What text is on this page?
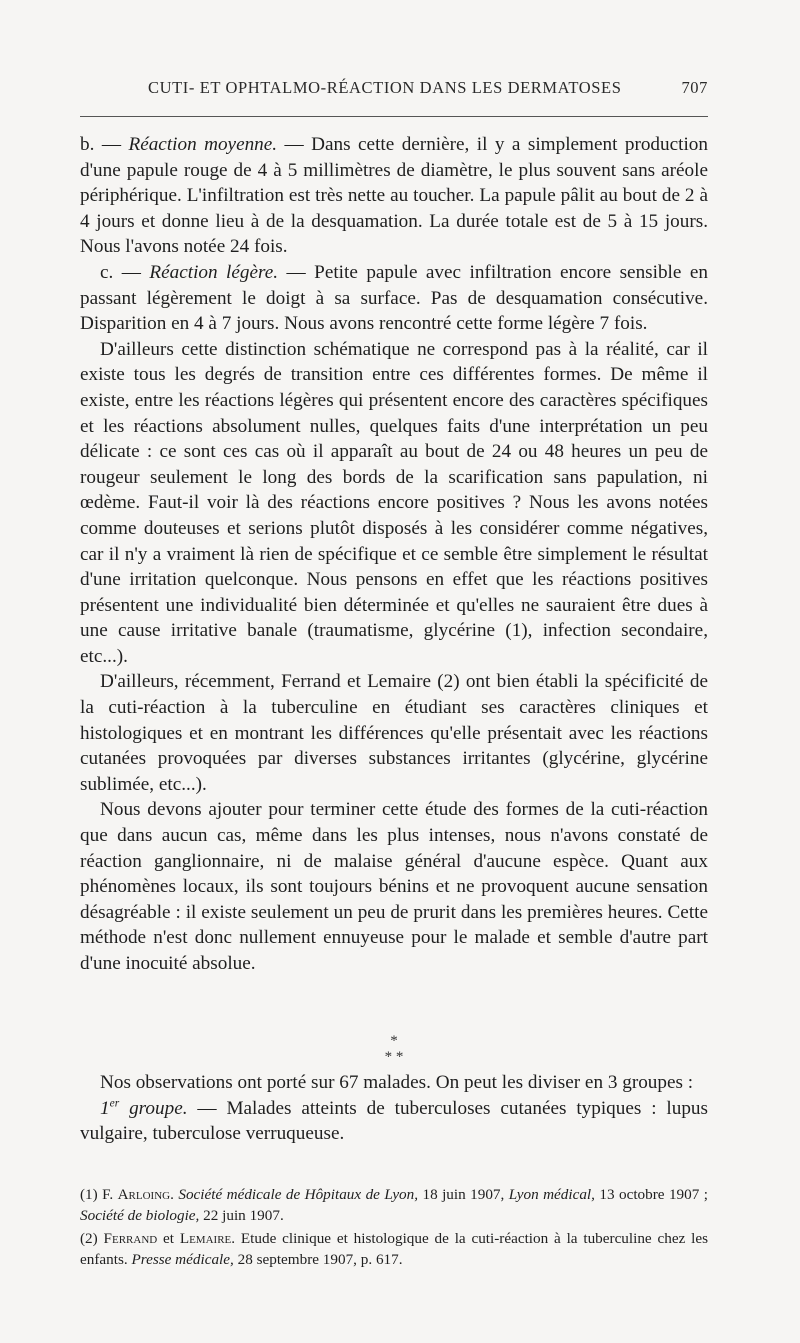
CUTI- ET OPHTALMO-RÉACTION DANS LES DERMATOSES	707

b. — Réaction moyenne. — Dans cette dernière, il y a simplement production d'une papule rouge de 4 à 5 millimètres de diamètre, le plus souvent sans aréole périphérique. L'infiltration est très nette au toucher. La papule pâlit au bout de 2 à 4 jours et donne lieu à de la desquamation. La durée totale est de 5 à 15 jours. Nous l'avons notée 24 fois.

c. — Réaction légère. — Petite papule avec infiltration encore sensible en passant légèrement le doigt à sa surface. Pas de desquamation consécutive. Disparition en 4 à 7 jours. Nous avons rencontré cette forme légère 7 fois.

D'ailleurs cette distinction schématique ne correspond pas à la réalité, car il existe tous les degrés de transition entre ces différentes formes. De même il existe, entre les réactions légères qui présentent encore des caractères spécifiques et les réactions absolument nulles, quelques faits d'une interprétation un peu délicate : ce sont ces cas où il apparaît au bout de 24 ou 48 heures un peu de rougeur seulement le long des bords de la scarification sans papulation, ni œdème. Faut-il voir là des réactions encore positives ? Nous les avons notées comme douteuses et serions plutôt disposés à les considérer comme négatives, car il n'y a vraiment là rien de spécifique et ce semble être simplement le résultat d'une irritation quelconque. Nous pensons en effet que les réactions positives présentent une individualité bien déterminée et qu'elles ne sauraient être dues à une cause irritative banale (traumatisme, glycérine (1), infection secondaire, etc...).

D'ailleurs, récemment, Ferrand et Lemaire (2) ont bien établi la spécificité de la cuti-réaction à la tuberculine en étudiant ses caractères cliniques et histologiques et en montrant les différences qu'elle présentait avec les réactions cutanées provoquées par diverses substances irritantes (glycérine, glycérine sublimée, etc...).

Nous devons ajouter pour terminer cette étude des formes de la cuti-réaction que dans aucun cas, même dans les plus intenses, nous n'avons constaté de réaction ganglionnaire, ni de malaise général d'aucune espèce. Quant aux phénomènes locaux, ils sont toujours bénins et ne provoquent aucune sensation désagréable : il existe seulement un peu de prurit dans les premières heures. Cette méthode n'est donc nullement ennuyeuse pour le malade et semble d'autre part d'une inocuité absolue.

*
* *

Nos observations ont porté sur 67 malades. On peut les diviser en 3 groupes :

1er groupe. — Malades atteints de tuberculoses cutanées typiques : lupus vulgaire, tuberculose verruqueuse.

(1) F. Arloing. Société médicale de Hôpitaux de Lyon, 18 juin 1907, Lyon médical, 13 octobre 1907 ; Société de biologie, 22 juin 1907.

(2) Ferrand et Lemaire. Etude clinique et histologique de la cuti-réaction à la tuberculine chez les enfants. Presse médicale, 28 septembre 1907, p. 617.
